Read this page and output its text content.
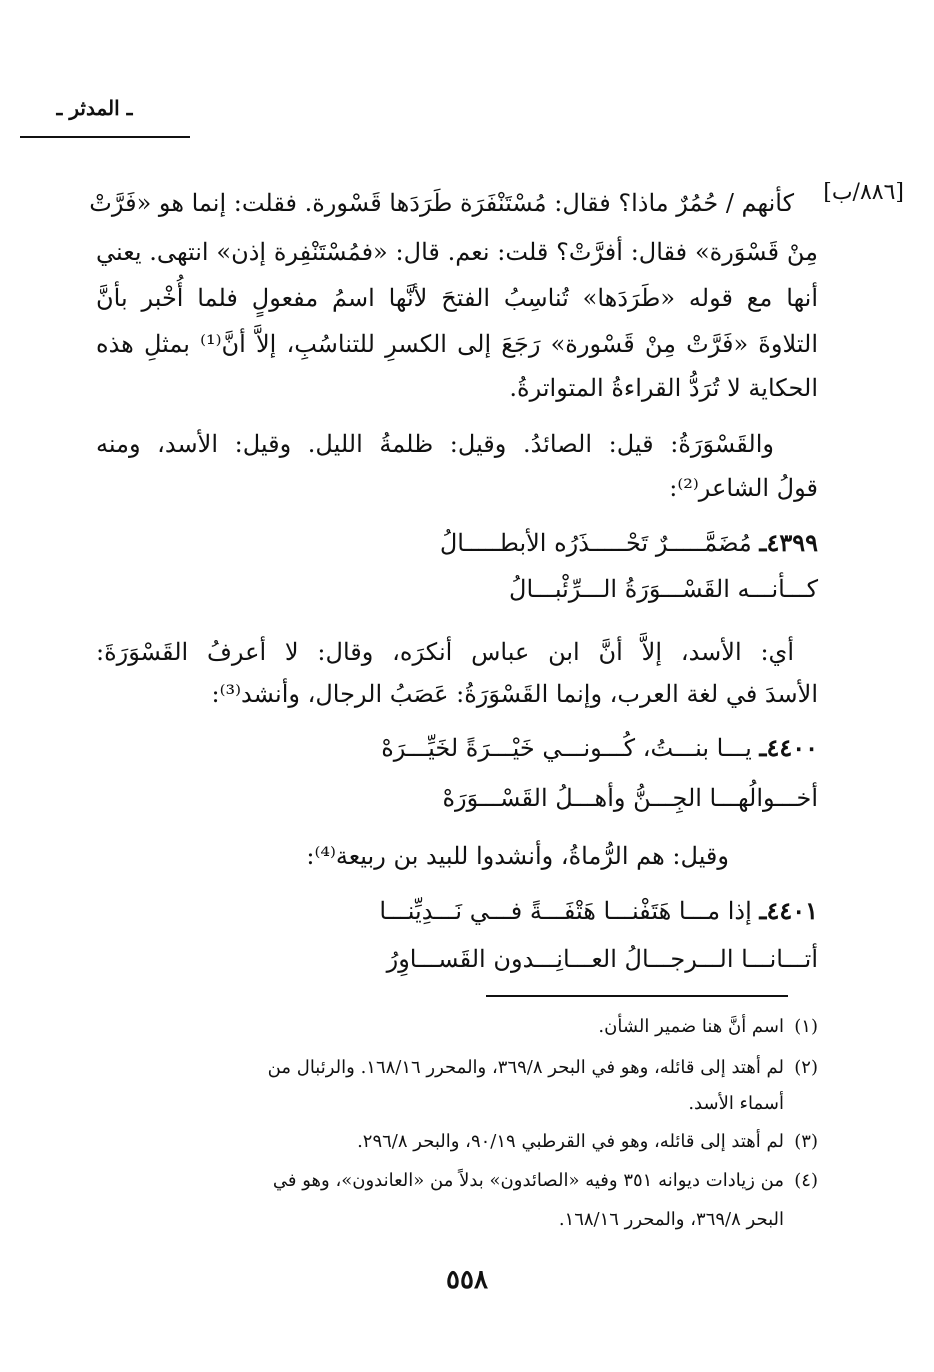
ـ المدثر ـ
[٨٨٦/ب]
كأنهم / حُمُرٌ ماذا؟ فقال: مُسْتَنْفَرَة طَرَدَها قَسْورة. فقلت: إنما هو «فَرَّتْ
مِنْ قَسْوَرة» فقال: أفرَّتْ؟ قلت: نعم. قال: «فمُسْتَنْفِرة إذن» انتهى. يعني
أنها مع قوله «طَرَدَها» تُناسِبُ الفتحَ لأنَّها اسمُ مفعولٍ فلما أُخْبر بأنَّ
التلاوةَ «فَرَّتْ مِنْ قَسْورة» رَجَعَ إلى الكسرِ للتناسُبِ، إلاَّ أنَّ⁽¹⁾ بمثلِ هذه
الحكاية لا تُرَدُّ القراءةُ المتواترةُ.
والقَسْوَرَةُ: قيل: الصائدُ. وقيل: ظلمةُ الليل. وقيل: الأسد، ومنه
قولُ الشاعر⁽²⁾:
٤٣٩٩ـ مُضَمَّـــــرٌ تَحْـــــذَرُه الأبطـــــالُ
كـــأنـــه القَسْـــوَرَةُ الـــرِّئْبـــالُ
أي: الأسد، إلاَّ أنَّ ابن عباس أنكرَه، وقال: لا أعرفُ القَسْوَرَةَ:
الأسدَ في لغة العرب، وإنما القَسْوَرَةُ: عَصَبُ الرجال، وأنشد⁽³⁾:
٤٤٠٠ـ يـــا بنـــتُ، كُـــونـــي خَيْـــرَةً لخَيِّـــرَهْ
أخـــوالُهـــا الجِـــنُّ وأهـــلُ القَسْـــوَرَهْ
وقيل: هم الرُّماةُ، وأنشدوا للبيد بن ربيعة⁽⁴⁾:
٤٤٠١ـ إذا مـــا هَتَفْنـــا هَتْفَـــةً فـــي نَـــدِيِّنـــا
أتـــانـــا الـــرجـــالُ العـــانِـــدون القَســـاوِرُ
(١)
اسم أنَّ هنا ضمير الشأن.
(٢)
لم أهتد إلى قائله، وهو في البحر ٣٦٩/٨، والمحرر ١٦٨/١٦. والرئبال من
أسماء الأسد.
(٣)
لم أهتد إلى قائله، وهو في القرطبي ٩٠/١٩، والبحر ٢٩٦/٨.
(٤)
من زيادات ديوانه ٣٥١ وفيه «الصائدون» بدلاً من «العاندون»، وهو في
البحر ٣٦٩/٨، والمحرر ١٦٨/١٦.
٥٥٨
